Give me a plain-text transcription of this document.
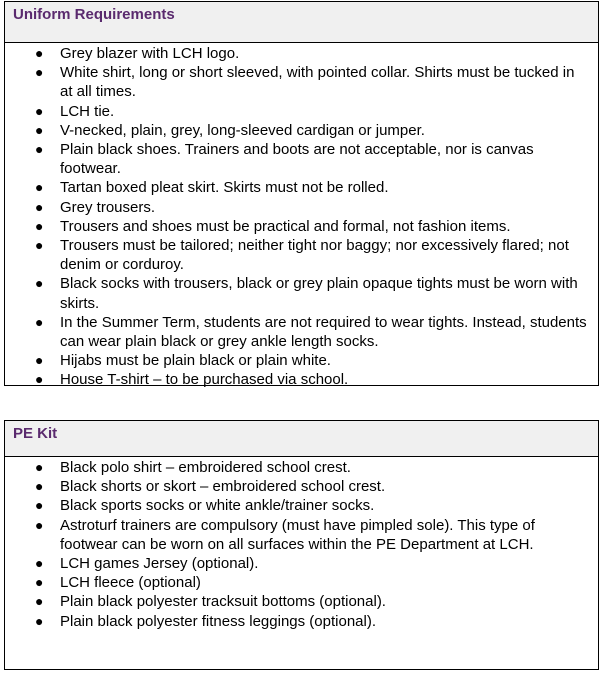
Uniform Requirements
● Grey blazer with LCH logo.
● White shirt, long or short sleeved, with pointed collar. Shirts must be tucked in at all times.
● LCH tie.
● V-necked, plain, grey, long-sleeved cardigan or jumper.
● Plain black shoes. Trainers and boots are not acceptable, nor is canvas footwear.
● Tartan boxed pleat skirt. Skirts must not be rolled.
● Grey trousers.
● Trousers and shoes must be practical and formal, not fashion items.
● Trousers must be tailored; neither tight nor baggy; nor excessively flared; not denim or corduroy.
● Black socks with trousers, black or grey plain opaque tights must be worn with skirts.
● In the Summer Term, students are not required to wear tights. Instead, students can wear plain black or grey ankle length socks.
● Hijabs must be plain black or plain white.
● House T-shirt – to be purchased via school.
PE Kit
● Black polo shirt – embroidered school crest.
● Black shorts or skort – embroidered school crest.
● Black sports socks or white ankle/trainer socks.
● Astroturf trainers are compulsory (must have pimpled sole). This type of footwear can be worn on all surfaces within the PE Department at LCH.
● LCH games Jersey (optional).
● LCH fleece (optional)
● Plain black polyester tracksuit bottoms (optional).
● Plain black polyester fitness leggings (optional).
